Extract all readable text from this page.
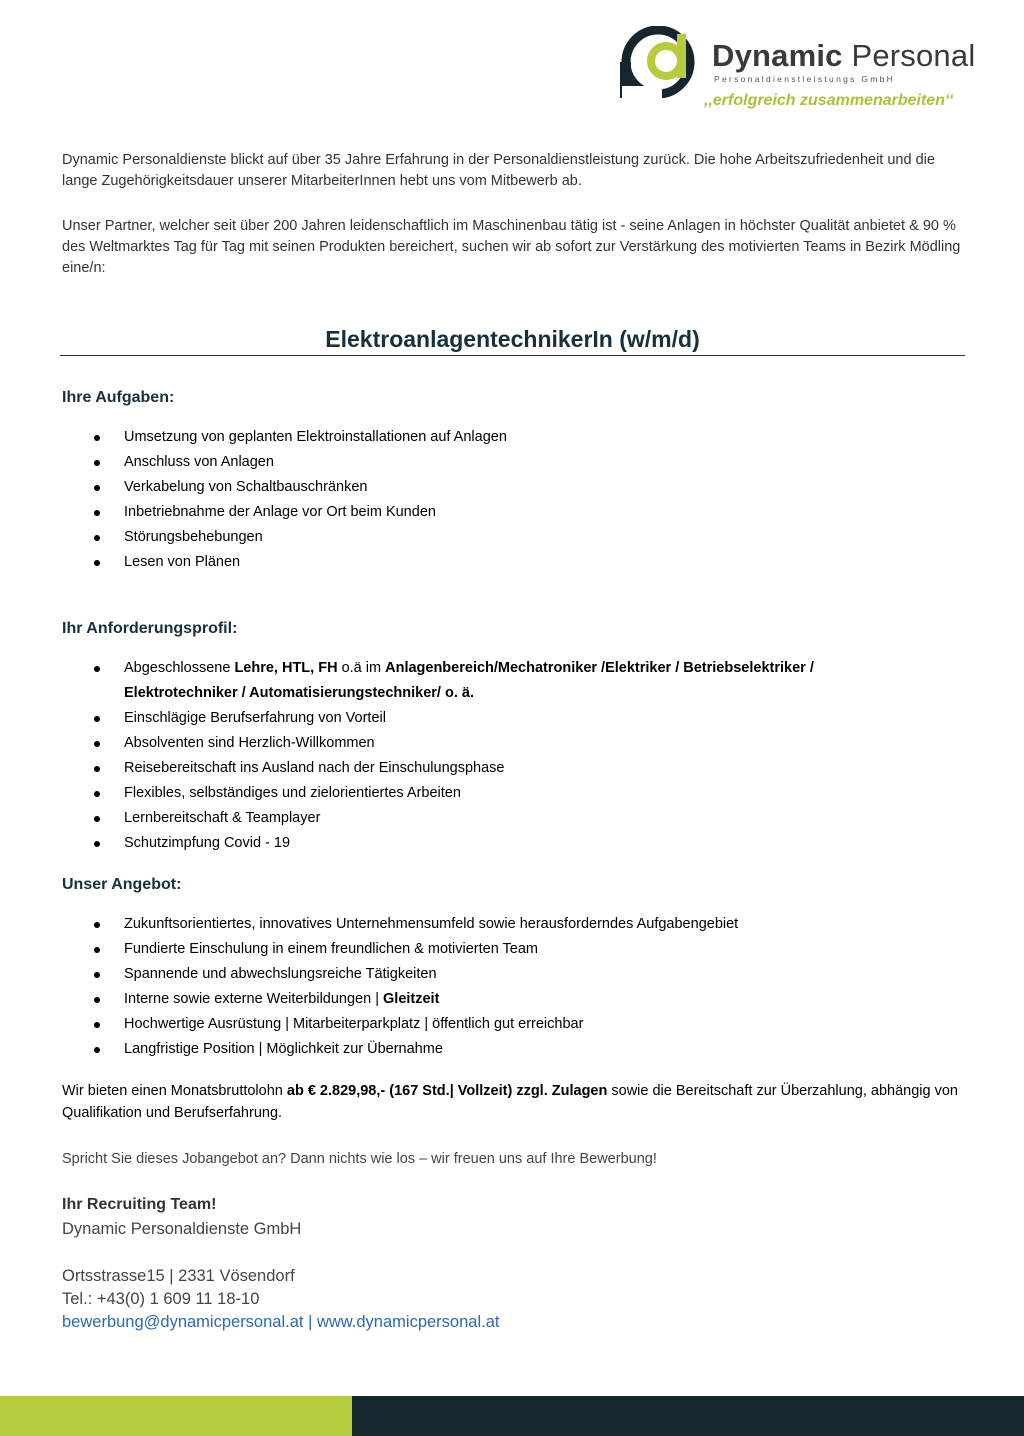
Dynamic Personal
Personaldienstleistungs GmbH
,,erfolgreich zusammenarbeiten‘‘
Dynamic Personaldienste blickt auf über 35 Jahre Erfahrung in der Personaldienstleistung zurück. Die hohe Arbeitszufriedenheit und die lange Zugehörigkeitsdauer unserer MitarbeiterInnen hebt uns vom Mitbewerb ab.
Unser Partner, welcher seit über 200 Jahren leidenschaftlich im Maschinenbau tätig ist - seine Anlagen in höchster Qualität anbietet & 90 % des Weltmarktes Tag für Tag mit seinen Produkten bereichert, suchen wir ab sofort zur Verstärkung des motivierten Teams in Bezirk Mödling eine/n:
ElektroanlagentechnikerIn (w/m/d)
Ihre Aufgaben:
Umsetzung von geplanten Elektroinstallationen auf Anlagen
Anschluss von Anlagen
Verkabelung von Schaltbauschränken
Inbetriebnahme der Anlage vor Ort beim Kunden
Störungsbehebungen
Lesen von Plänen
Ihr Anforderungsprofil:
Abgeschlossene Lehre, HTL, FH o.ä im Anlagenbereich/Mechatroniker /Elektriker / Betriebselektriker / Elektrotechniker / Automatisierungstechniker/ o. ä.
Einschlägige Berufserfahrung von Vorteil
Absolventen sind Herzlich-Willkommen
Reisebereitschaft ins Ausland nach der Einschulungsphase
Flexibles, selbständiges und zielorientiertes Arbeiten
Lernbereitschaft & Teamplayer
Schutzimpfung Covid - 19
Unser Angebot:
Zukunftsorientiertes, innovatives Unternehmensumfeld sowie herausforderndes Aufgabengebiet
Fundierte Einschulung in einem freundlichen & motivierten Team
Spannende und abwechslungsreiche Tätigkeiten
Interne sowie externe Weiterbildungen | Gleitzeit
Hochwertige Ausrüstung | Mitarbeiterparkplatz | öffentlich gut erreichbar
Langfristige Position | Möglichkeit zur Übernahme
Wir bieten einen Monatsbruttolohn ab € 2.829,98,- (167 Std.| Vollzeit) zzgl. Zulagen sowie die Bereitschaft zur Überzahlung, abhängig von Qualifikation und Berufserfahrung.
Spricht Sie dieses Jobangebot an? Dann nichts wie los – wir freuen uns auf Ihre Bewerbung!
Ihr Recruiting Team!
Dynamic Personaldienste GmbH
Ortsstrasse15 | 2331 Vösendorf
Tel.: +43(0) 1 609 11 18-10
bewerbung@dynamicpersonal.at | www.dynamicpersonal.at
